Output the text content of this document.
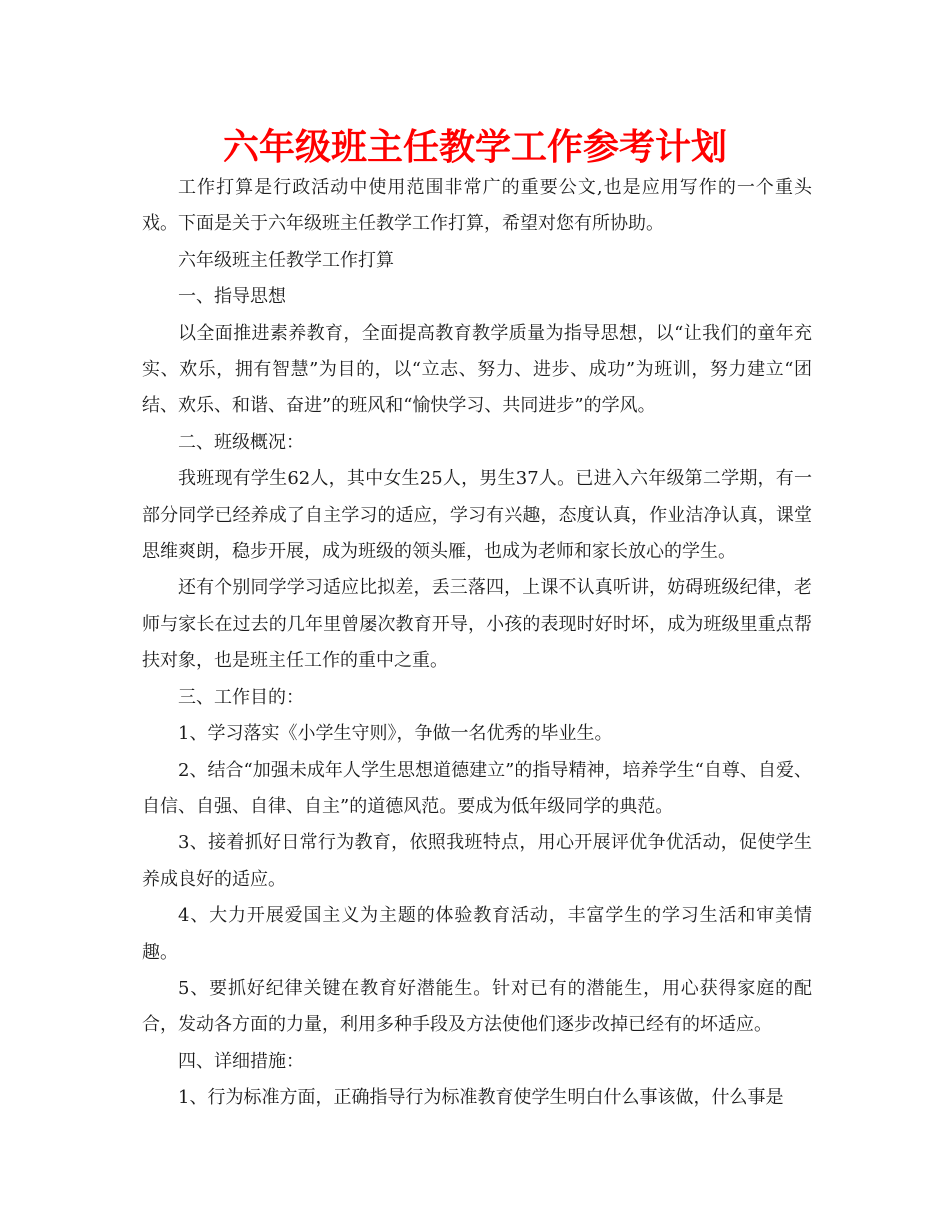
六年级班主任教学工作参考计划

工作打算是行政活动中使用范围非常广的重要公文,也是应用写作的一个重头戏。下面是关于六年级班主任教学工作打算，希望对您有所协助。

六年级班主任教学工作打算

一、指导思想

以全面推进素养教育，全面提高教育教学质量为指导思想，以“让我们的童年充实、欢乐，拥有智慧”为目的，以“立志、努力、进步、成功”为班训，努力建立“团结、欢乐、和谐、奋进”的班风和“愉快学习、共同进步”的学风。

二、班级概况：

我班现有学生62人，其中女生25人，男生37人。已进入六年级第二学期，有一部分同学已经养成了自主学习的适应，学习有兴趣，态度认真，作业洁净认真，课堂思维爽朗，稳步开展，成为班级的领头雁，也成为老师和家长放心的学生。

还有个别同学学习适应比拟差，丢三落四，上课不认真听讲，妨碍班级纪律，老师与家长在过去的几年里曾屡次教育开导，小孩的表现时好时坏，成为班级里重点帮扶对象，也是班主任工作的重中之重。

三、工作目的：

1、学习落实《小学生守则》，争做一名优秀的毕业生。

2、结合“加强未成年人学生思想道德建立”的指导精神，培养学生“自尊、自爱、自信、自强、自律、自主”的道德风范。要成为低年级同学的典范。

3、接着抓好日常行为教育，依照我班特点，用心开展评优争优活动，促使学生养成良好的适应。

4、大力开展爱国主义为主题的体验教育活动，丰富学生的学习生活和审美情趣。

5、要抓好纪律关键在教育好潜能生。针对已有的潜能生，用心获得家庭的配合，发动各方面的力量，利用多种手段及方法使他们逐步改掉已经有的坏适应。

四、详细措施：

1、行为标准方面，正确指导行为标准教育使学生明白什么事该做，什么事是
